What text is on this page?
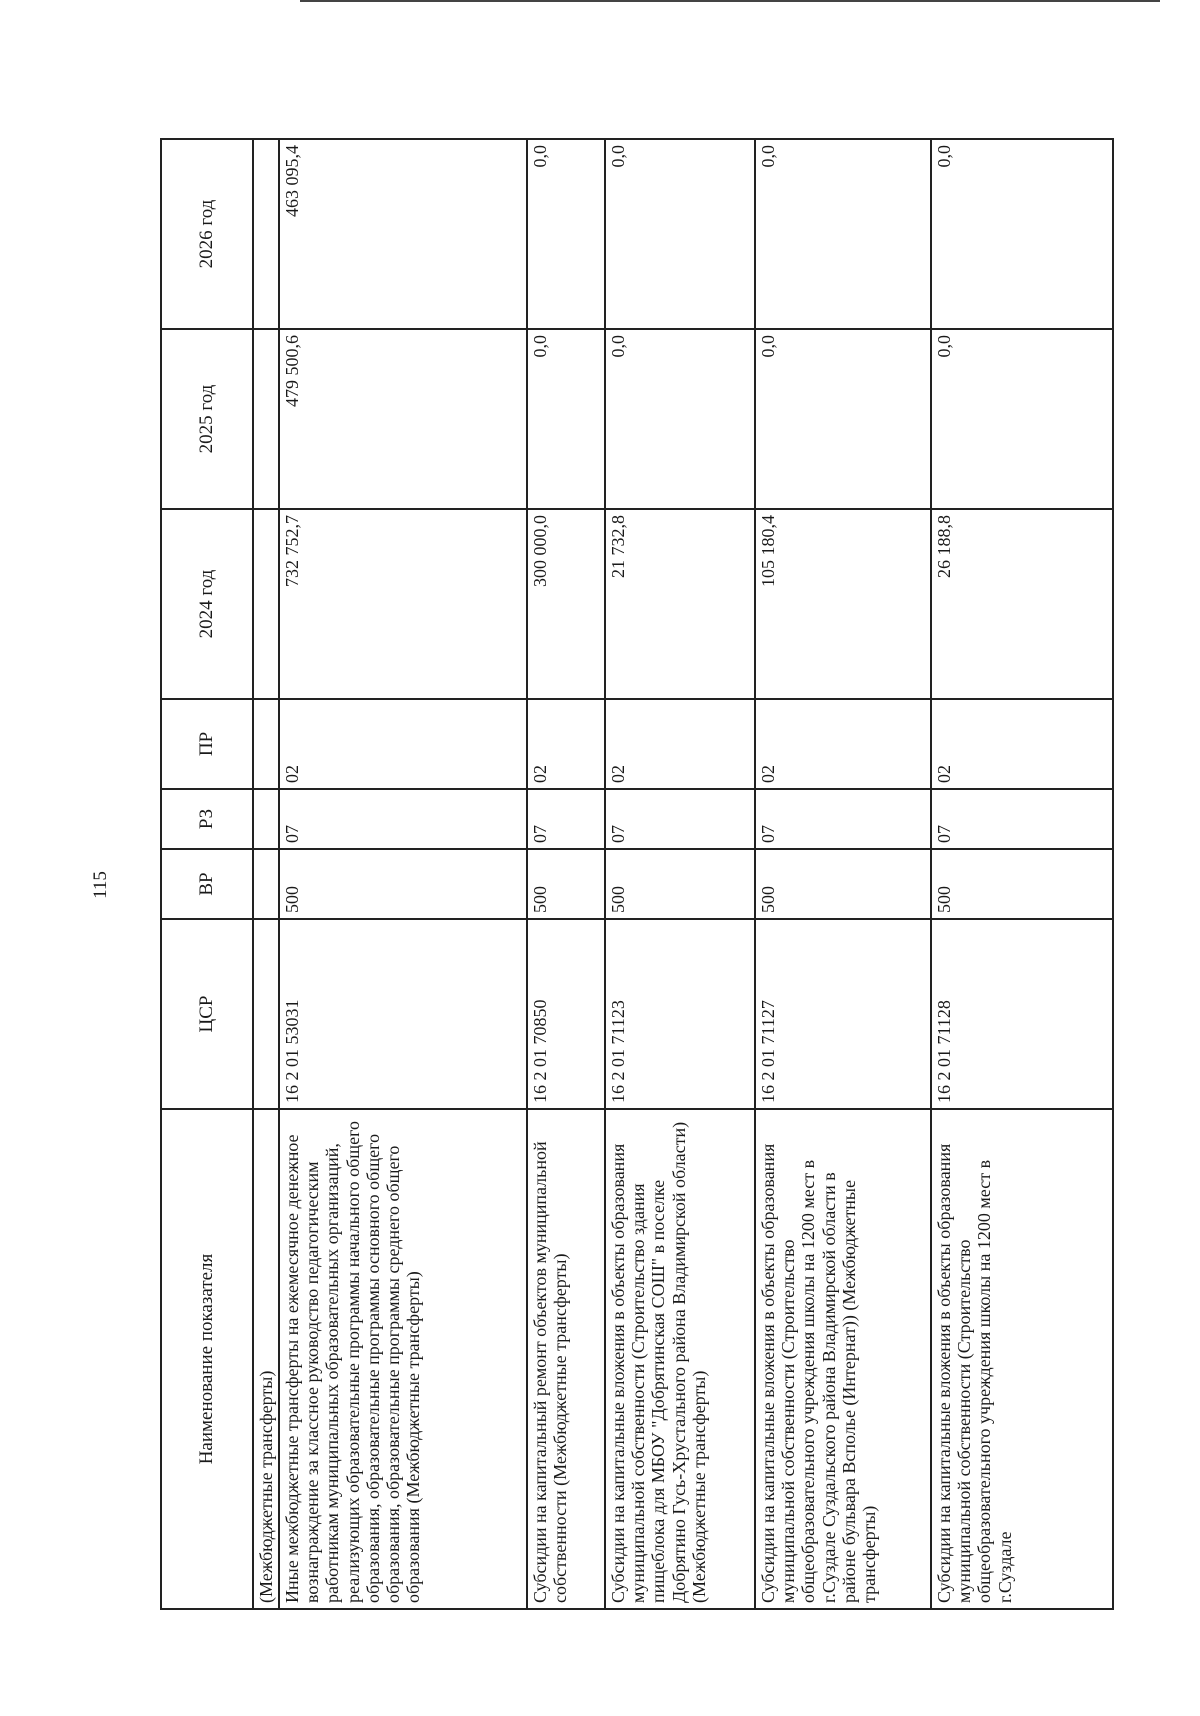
115
Наименование показателя	ЦСР	ВР	РЗ	ПР	2024 год	2025 год	2026 год
(Межбюджетные трансферты)							
Иные межбюджетные трансферты на ежемесячное денежное вознаграждение за классное руководство педагогическим работникам муниципальных образовательных организаций, реализующих образовательные программы начального общего образования, образовательные программы основного общего образования, образовательные программы среднего общего образования (Межбюджетные трансферты)	16 2 01 53031	500	07	02	732 752,7	479 500,6	463 095,4
Субсидии на капитальный ремонт объектов муниципальной собственности (Межбюджетные трансферты)	16 2 01 70850	500	07	02	300 000,0	0,0	0,0
Субсидии на капитальные вложения в объекты образования муниципальной собственности (Строительство здания пищеблока для МБОУ "Добрятинская СОШ" в поселке Добрятино Гусь-Хрустального района Владимирской области) (Межбюджетные трансферты)	16 2 01 71123	500	07	02	21 732,8	0,0	0,0
Субсидии на капитальные вложения в объекты образования муниципальной собственности (Строительство общеобразовательного учреждения школы на 1200 мест в г.Суздале Суздальского района Владимирской области в районе бульвара Всполье (Интернат)) (Межбюджетные трансферты)	16 2 01 71127	500	07	02	105 180,4	0,0	0,0
Субсидии на капитальные вложения в объекты образования муниципальной собственности (Строительство общеобразовательного учреждения школы на 1200 мест в г.Суздале	16 2 01 71128	500	07	02	26 188,8	0,0	0,0
